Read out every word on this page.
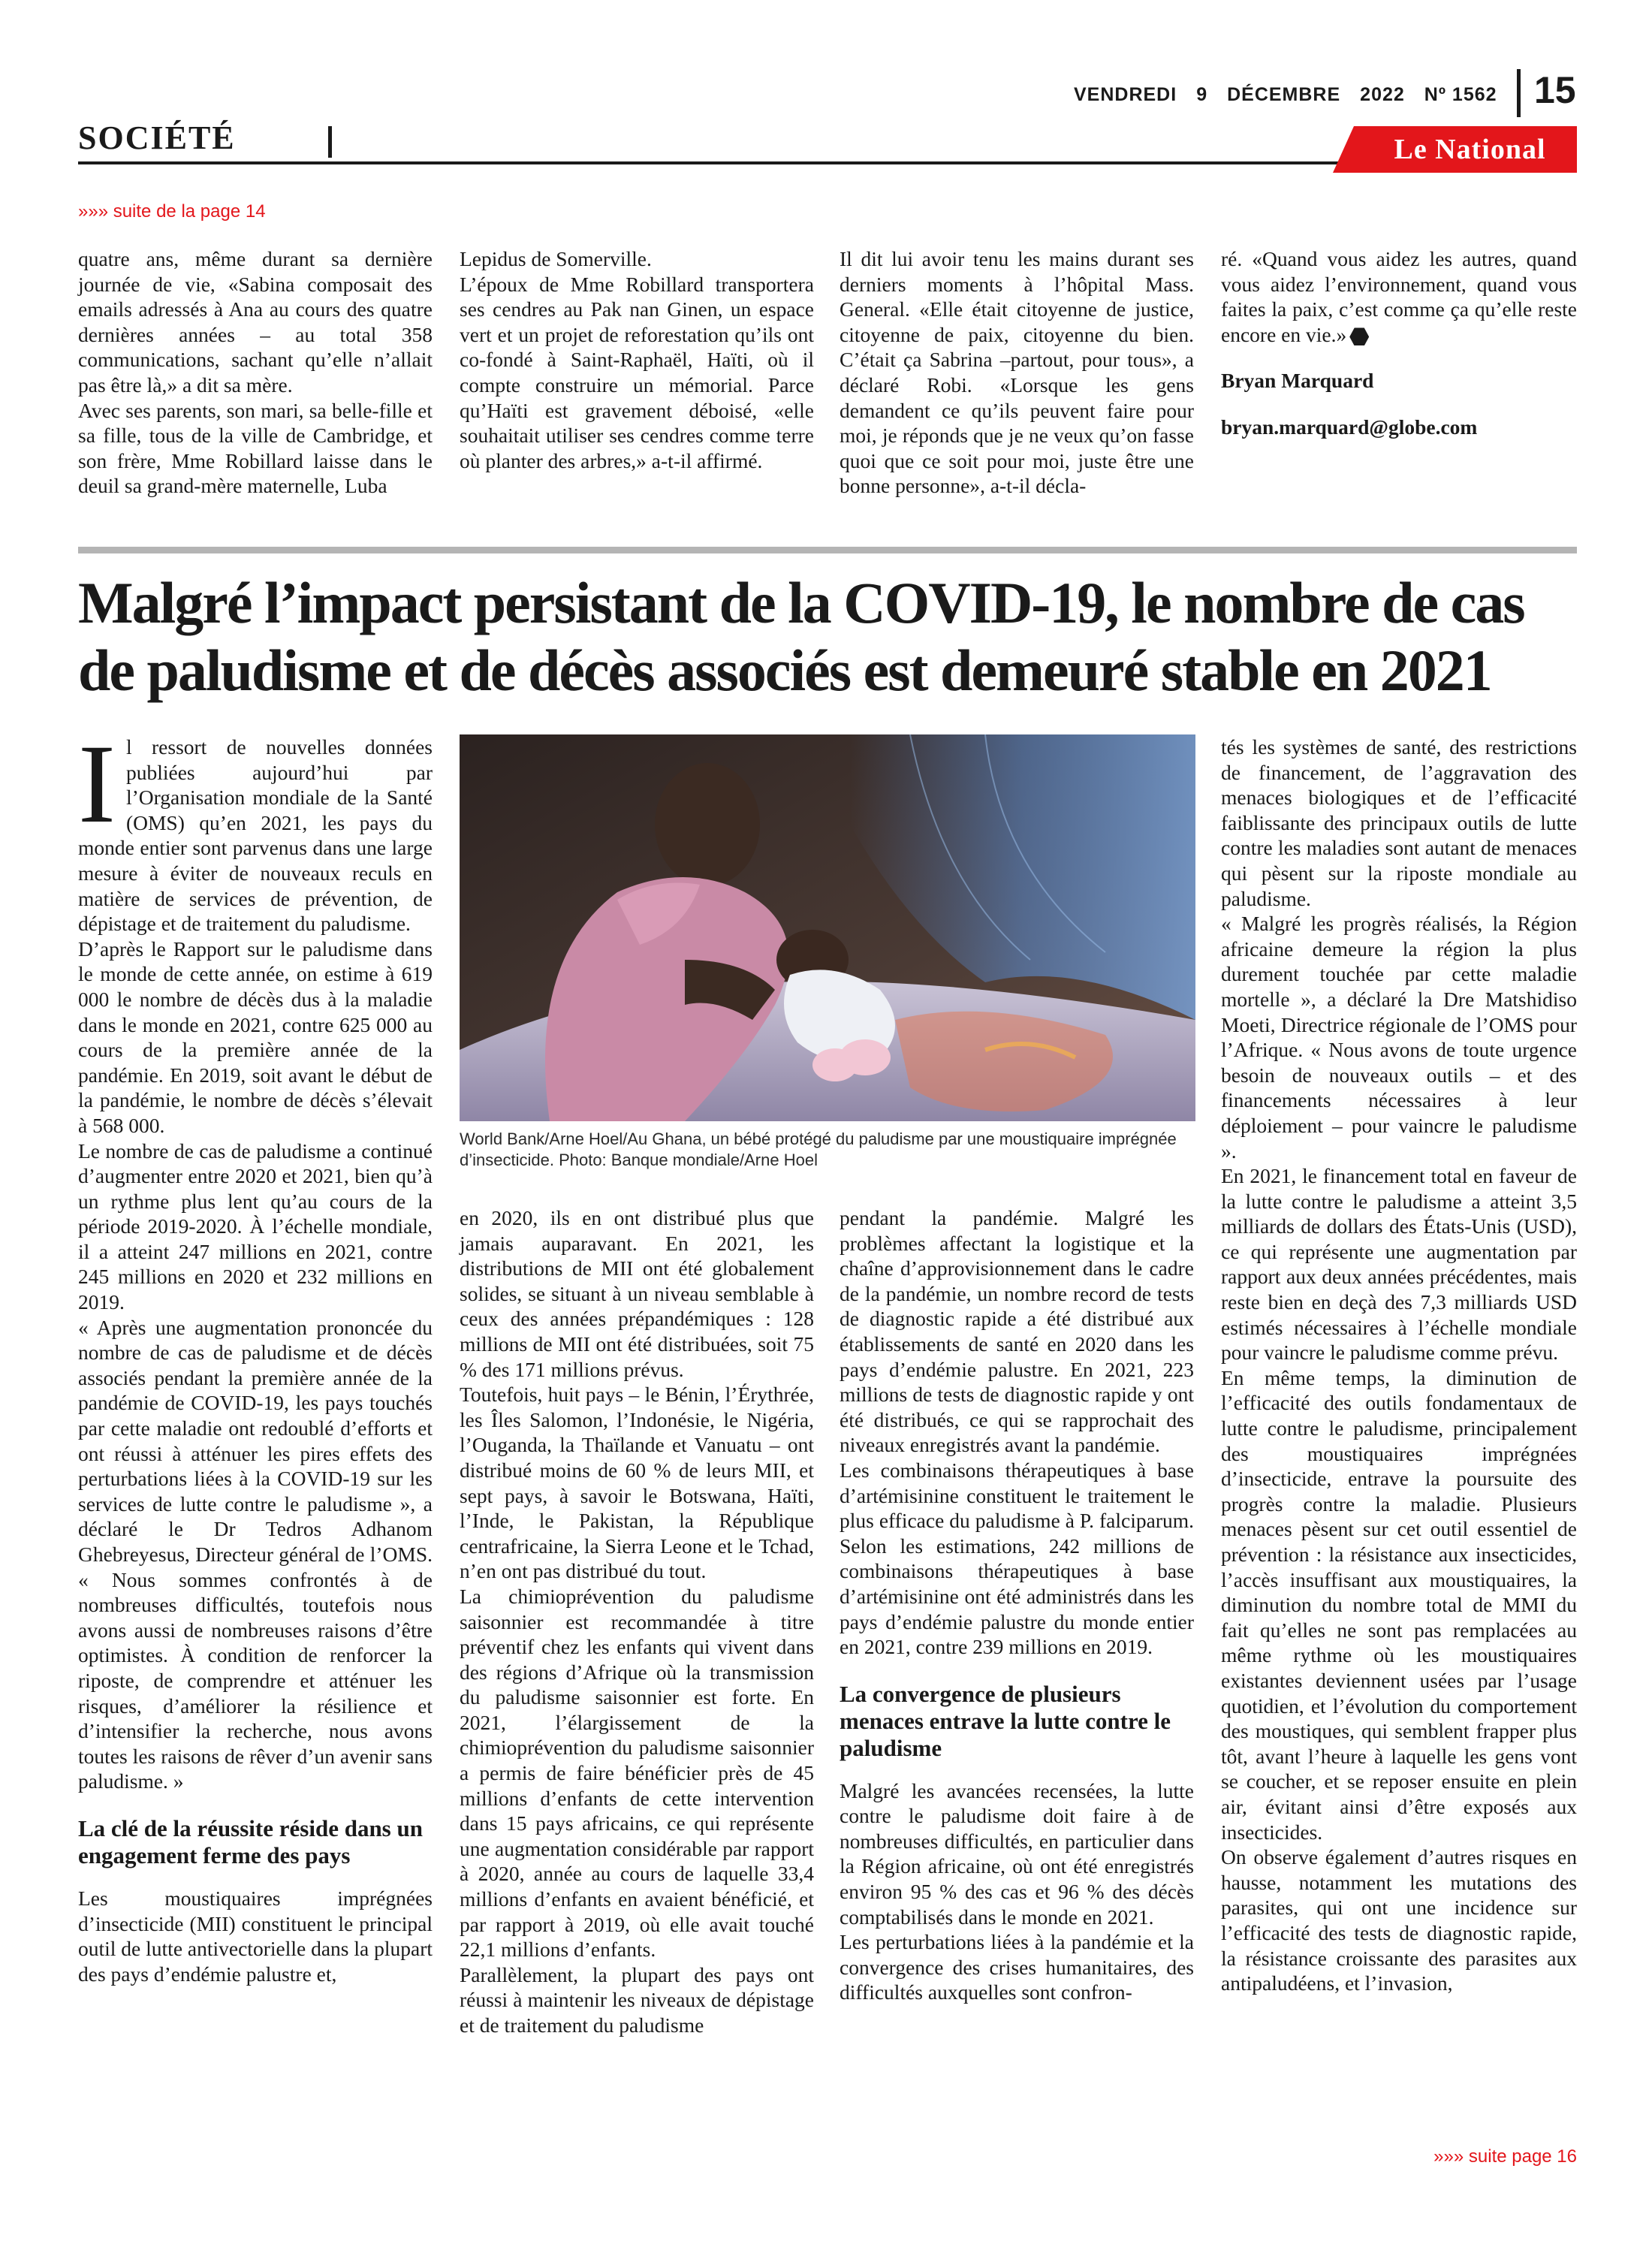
VENDREDI 9 DÉCEMBRE 2022 Nº 1562 15
SOCIÉTÉ	Le National
»»» suite de la page 14

quatre ans, même durant sa dernière journée de vie, «Sabina composait des emails adressés à Ana au cours des quatre dernières années – au total 358 communications, sachant qu’elle n’allait pas être là,» a dit sa mère.

Avec ses parents, son mari, sa belle-fille et sa fille, tous de la ville de Cambridge, et son frère, Mme Robillard laisse dans le deuil sa grand-mère maternelle, Luba

Lepidus de Somerville.

L’époux de Mme Robillard transportera ses cendres au Pak nan Ginen, un espace vert et un projet de reforestation qu’ils ont co-fondé à Saint-Raphaël, Haïti, où il compte construire un mémorial. Parce qu’Haïti est gravement déboisé, «elle souhaitait utiliser ses cendres comme terre où planter des arbres,» a-t-il affirmé.

Il dit lui avoir tenu les mains durant ses derniers moments à l’hôpital Mass. General. «Elle était citoyenne de justice, citoyenne de paix, citoyenne du bien. C’était ça Sabrina –partout, pour tous», a déclaré Robi. «Lorsque les gens demandent ce qu’ils peuvent faire pour moi, je réponds que je ne veux qu’on fasse quoi que ce soit pour moi, juste être une bonne personne», a-t-il décla-

ré. «Quand vous aidez les autres, quand vous aidez l’environnement, quand vous faites la paix, c’est comme ça qu’elle reste encore en vie.»

Bryan Marquard

bryan.marquard@globe.com

Malgré l’impact persistant de la COVID-19, le nombre de cas de paludisme et de décès associés est demeuré stable en 2021

Il ressort de nouvelles données publiées aujourd’hui par l’Organisation mondiale de la Santé (OMS) qu’en 2021, les pays du monde entier sont parvenus dans une large mesure à éviter de nouveaux reculs en matière de services de prévention, de dépistage et de traitement du paludisme.

D’après le Rapport sur le paludisme dans le monde de cette année, on estime à 619 000 le nombre de décès dus à la maladie dans le monde en 2021, contre 625 000 au cours de la première année de la pandémie. En 2019, soit avant le début de la pandémie, le nombre de décès s’élevait à 568 000.

Le nombre de cas de paludisme a continué d’augmenter entre 2020 et 2021, bien qu’à un rythme plus lent qu’au cours de la période 2019-2020. À l’échelle mondiale, il a atteint 247 millions en 2021, contre 245 millions en 2020 et 232 millions en 2019.

« Après une augmentation prononcée du nombre de cas de paludisme et de décès associés pendant la première année de la pandémie de COVID-19, les pays touchés par cette maladie ont redoublé d’efforts et ont réussi à atténuer les pires effets des perturbations liées à la COVID-19 sur les services de lutte contre le paludisme », a déclaré le Dr Tedros Adhanom Ghebreyesus, Directeur général de l’OMS. « Nous sommes confrontés à de nombreuses difficultés, toutefois nous avons aussi de nombreuses raisons d’être optimistes. À condition de renforcer la riposte, de comprendre et atténuer les risques, d’améliorer la résilience et d’intensifier la recherche, nous avons toutes les raisons de rêver d’un avenir sans paludisme. »

La clé de la réussite réside dans un engagement ferme des pays

Les moustiquaires imprégnées d’insecticide (MII) constituent le principal outil de lutte antivectorielle dans la plupart des pays d’endémie palustre et,

World Bank/Arne Hoel/Au Ghana, un bébé protégé du paludisme par une moustiquaire imprégnée d’insecticide. Photo: Banque mondiale/Arne Hoel

en 2020, ils en ont distribué plus que jamais auparavant. En 2021, les distributions de MII ont été globalement solides, se situant à un niveau semblable à ceux des années prépandémiques : 128 millions de MII ont été distribuées, soit 75 % des 171 millions prévus.

Toutefois, huit pays – le Bénin, l’Érythrée, les Îles Salomon, l’Indonésie, le Nigéria, l’Ouganda, la Thaïlande et Vanuatu – ont distribué moins de 60 % de leurs MII, et sept pays, à savoir le Botswana, Haïti, l’Inde, le Pakistan, la République centrafricaine, la Sierra Leone et le Tchad, n’en ont pas distribué du tout.

La chimioprévention du paludisme saisonnier est recommandée à titre préventif chez les enfants qui vivent dans des régions d’Afrique où la transmission du paludisme saisonnier est forte. En 2021, l’élargissement de la chimioprévention du paludisme saisonnier a permis de faire bénéficier près de 45 millions d’enfants de cette intervention dans 15 pays africains, ce qui représente une augmentation considérable par rapport à 2020, année au cours de laquelle 33,4 millions d’enfants en avaient bénéficié, et par rapport à 2019, où elle avait touché 22,1 millions d’enfants.

Parallèlement, la plupart des pays ont réussi à maintenir les niveaux de dépistage et de traitement du paludisme

pendant la pandémie. Malgré les problèmes affectant la logistique et la chaîne d’approvisionnement dans le cadre de la pandémie, un nombre record de tests de diagnostic rapide a été distribué aux établissements de santé en 2020 dans les pays d’endémie palustre. En 2021, 223 millions de tests de diagnostic rapide y ont été distribués, ce qui se rapprochait des niveaux enregistrés avant la pandémie.

Les combinaisons thérapeutiques à base d’artémisinine constituent le traitement le plus efficace du paludisme à P. falciparum. Selon les estimations, 242 millions de combinaisons thérapeutiques à base d’artémisinine ont été administrés dans les pays d’endémie palustre du monde entier en 2021, contre 239 millions en 2019.

La convergence de plusieurs menaces entrave la lutte contre le paludisme

Malgré les avancées recensées, la lutte contre le paludisme doit faire à de nombreuses difficultés, en particulier dans la Région africaine, où ont été enregistrés environ 95 % des cas et 96 % des décès comptabilisés dans le monde en 2021.

Les perturbations liées à la pandémie et la convergence des crises humanitaires, des difficultés auxquelles sont confron-

tés les systèmes de santé, des restrictions de financement, de l’aggravation des menaces biologiques et de l’efficacité faiblissante des principaux outils de lutte contre les maladies sont autant de menaces qui pèsent sur la riposte mondiale au paludisme.

« Malgré les progrès réalisés, la Région africaine demeure la région la plus durement touchée par cette maladie mortelle », a déclaré la Dre Matshidiso Moeti, Directrice régionale de l’OMS pour l’Afrique. « Nous avons de toute urgence besoin de nouveaux outils – et des financements nécessaires à leur déploiement – pour vaincre le paludisme ».

En 2021, le financement total en faveur de la lutte contre le paludisme a atteint 3,5 milliards de dollars des États-Unis (USD), ce qui représente une augmentation par rapport aux deux années précédentes, mais reste bien en deçà des 7,3 milliards USD estimés nécessaires à l’échelle mondiale pour vaincre le paludisme comme prévu.

En même temps, la diminution de l’efficacité des outils fondamentaux de lutte contre le paludisme, principalement des moustiquaires imprégnées d’insecticide, entrave la poursuite des progrès contre la maladie. Plusieurs menaces pèsent sur cet outil essentiel de prévention : la résistance aux insecticides, l’accès insuffisant aux moustiquaires, la diminution du nombre total de MMI du fait qu’elles ne sont pas remplacées au même rythme où les moustiquaires existantes deviennent usées par l’usage quotidien, et l’évolution du comportement des moustiques, qui semblent frapper plus tôt, avant l’heure à laquelle les gens vont se coucher, et se reposer ensuite en plein air, évitant ainsi d’être exposés aux insecticides.

On observe également d’autres risques en hausse, notamment les mutations des parasites, qui ont une incidence sur l’efficacité des tests de diagnostic rapide, la résistance croissante des parasites aux antipaludéens, et l’invasion,

»»» suite page 16
